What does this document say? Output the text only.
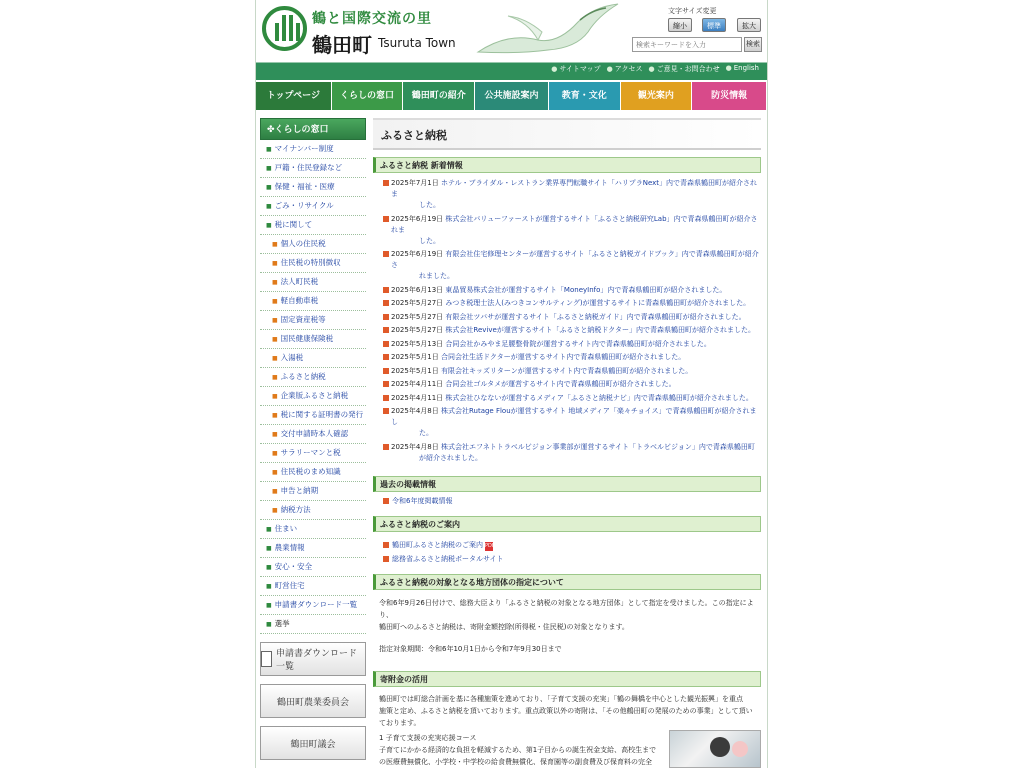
鶴と国際交流の里
鶴田町 Tsuruta Town
文字サイズ変更
縮小	標準	拡大
検索キーワードを入力
検索
● サイトマップ ● アクセス ● ご意見・お問合わせ ● English
トップページ	くらしの窓口	鶴田町の紹介	公共施設案内	教育・文化	観光案内	防災情報
✤くらしの窓口
■ マイナンバー制度
■ 戸籍・住民登録など
■ 保健・福祉・医療
■ ごみ・リサイクル
■ 税に関して
■ 個人の住民税
■ 住民税の特別徴収
■ 法人町民税
■ 軽自動車税
■ 固定資産税等
■ 国民健康保険税
■ 入湯税
■ ふるさと納税
■ 企業版ふるさと納税
■ 税に関する証明書の発行
■ 交付申請時本人確認
■ サラリーマンと税
■ 住民税のまめ知識
■ 申告と納期
■ 納税方法
■ 住まい
■ 農業情報
■ 安心・安全
■ 町営住宅
■ 申請書ダウンロード一覧
■ 選挙
申請書ダウンロード一覧
鶴田町農業委員会
鶴田町議会
ふるさと納税
ふるさと納税 新着情報
2025年7月1日 ホテル・ブライダル・レストラン業界専門転職サイト「ハリプラNext」内で青森県鶴田町が紹介されま
した。
2025年6月19日 株式会社バリューファーストが運営するサイト「ふるさと納税研究Lab」内で青森県鶴田町が紹介されま
した。
2025年6月19日 有限会社住宅修理センターが運営するサイト「ふるさと納税ガイドブック」内で青森県鶴田町が紹介さ
れました。
2025年6月13日 東晶貿易株式会社が運営するサイト「MoneyInfo」内で青森県鶴田町が紹介されました。
2025年5月27日 みつき税理士法人(みつきコンサルティング)が運営するサイトに青森県鶴田町が紹介されました。
2025年5月27日 有限会社ツバサが運営するサイト「ふるさと納税ガイド」内で青森県鶴田町が紹介されました。
2025年5月27日 株式会社Reviveが運営するサイト「ふるさと納税ドクター」内で青森県鶴田町が紹介されました。
2025年5月13日 合同会社かみやま足腰整骨院が運営するサイト内で青森県鶴田町が紹介されました。
2025年5月1日 合同会社生活ドクターが運営するサイト内で青森県鶴田町が紹介されました。
2025年5月1日 有限会社キッズリターンが運営するサイト内で青森県鶴田町が紹介されました。
2025年4月11日 合同会社ゴルタメが運営するサイト内で青森県鶴田町が紹介されました。
2025年4月11日 株式会社ひなないが運営するメディア「ふるさと納税ナビ」内で青森県鶴田町が紹介されました。
2025年4月8日 株式会社Rutage Flouが運営するサイト 地域メディア「楽々チョイス」で青森県鶴田町が紹介されまし
た。
2025年4月8日 株式会社エフネトトラベルビジョン事業部が運営するサイト「トラベルビジョン」内で青森県鶴田町
が紹介されました。
過去の掲載情報
令和6年度掲載情報
ふるさと納税のご案内
鶴田町ふるさと納税のご案内 PDF
総務省ふるさと納税ポータルサイト
ふるさと納税の対象となる地方団体の指定について
令和6年9月26日付けで、総務大臣より「ふるさと納税の対象となる地方団体」として指定を受けました。この指定により、
鶴田町へのふるさと納税は、寄附金額控除(所得税・住民税)の対象となります。
指定対象期間：令和6年10月1日から令和7年9月30日まで
寄附金の活用
鶴田町では町総合計画を基に各種施策を進めており、「子育て支援の充実」「鶴の舞橋を中心とした観光振興」を重点
施策と定め、ふるさと納税を頂いております。重点政策以外の寄附は、「その他鶴田町の発展のための事業」として頂い
ております。
1 子育て支援の充実応援コース
子育てにかかる経済的な負担を軽減するため、第1子目からの誕生祝金支給、高校生まで
の医療費無償化、小学校・中学校の給食費無償化、保育園等の副食費及び保育料の完全
